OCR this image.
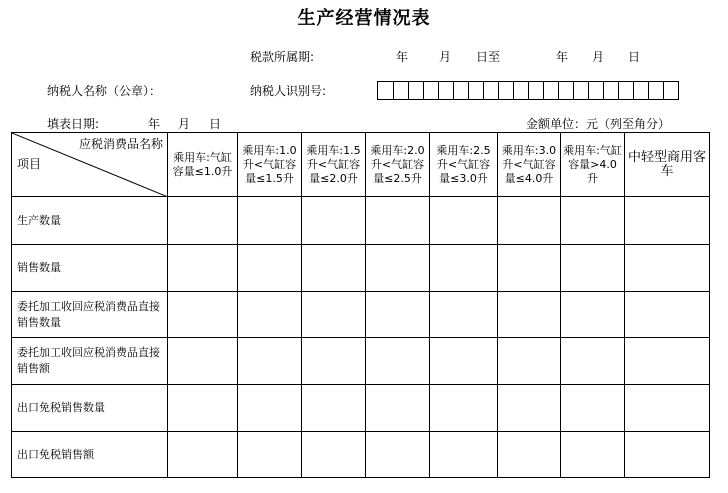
生产经营情况表
税款所属期:	年	月 日至	年 月 日
纳税人名称（公章）：	纳税人识别号:
填表日期:	年 月 日	金额单位：元（列至角分）
应税消费品名称
项目	乘用车:气缸容量≤1.0升	乘用车:1.0升<气缸容量≤1.5升	乘用车:1.5升<气缸容量≤2.0升	乘用车:2.0升<气缸容量≤2.5升	乘用车:2.5升<气缸容量≤3.0升	乘用车:3.0升<气缸容量≤4.0升	乘用车:气缸容量>4.0升	中轻型商用客车
生产数量								
销售数量								
委托加工收回应税消费品直接销售数量								
委托加工收回应税消费品直接销售额								
出口免税销售数量								
出口免税销售额								
